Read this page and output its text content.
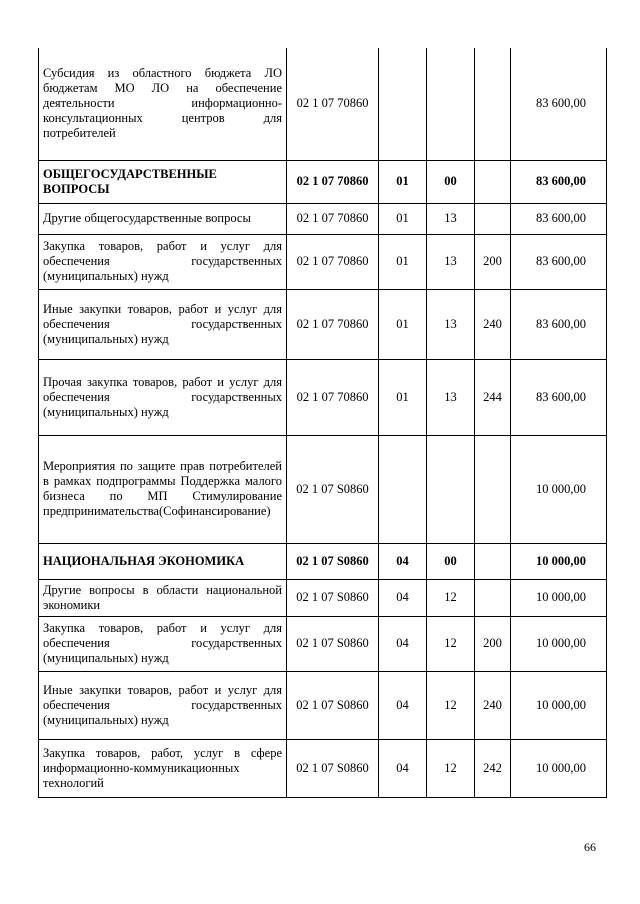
Субсидия из областного бюджета ЛО бюджетам МО ЛО на обеспечение деятельности информационно-консультационных центров для потребителей	02 1 07 70860				83 600,00
ОБЩЕГОСУДАРСТВЕННЫЕ ВОПРОСЫ	02 1 07 70860	01	00		83 600,00
Другие общегосударственные вопросы	02 1 07 70860	01	13		83 600,00
Закупка товаров, работ и услуг для обеспечения государственных (муниципальных) нужд	02 1 07 70860	01	13	200	83 600,00
Иные закупки товаров, работ и услуг для обеспечения государственных (муниципальных) нужд	02 1 07 70860	01	13	240	83 600,00
Прочая закупка товаров, работ и услуг для обеспечения государственных (муниципальных) нужд	02 1 07 70860	01	13	244	83 600,00
Мероприятия по защите прав потребителей в рамках подпрограммы Поддержка малого бизнеса по МП Стимулирование предпринимательства(Софинансирование)	02 1 07 S0860				10 000,00
НАЦИОНАЛЬНАЯ ЭКОНОМИКА	02 1 07 S0860	04	00		10 000,00
Другие вопросы в области национальной экономики	02 1 07 S0860	04	12		10 000,00
Закупка товаров, работ и услуг для обеспечения государственных (муниципальных) нужд	02 1 07 S0860	04	12	200	10 000,00
Иные закупки товаров, работ и услуг для обеспечения государственных (муниципальных) нужд	02 1 07 S0860	04	12	240	10 000,00
Закупка товаров, работ, услуг в сфере информационно-коммуникационных технологий	02 1 07 S0860	04	12	242	10 000,00
66
